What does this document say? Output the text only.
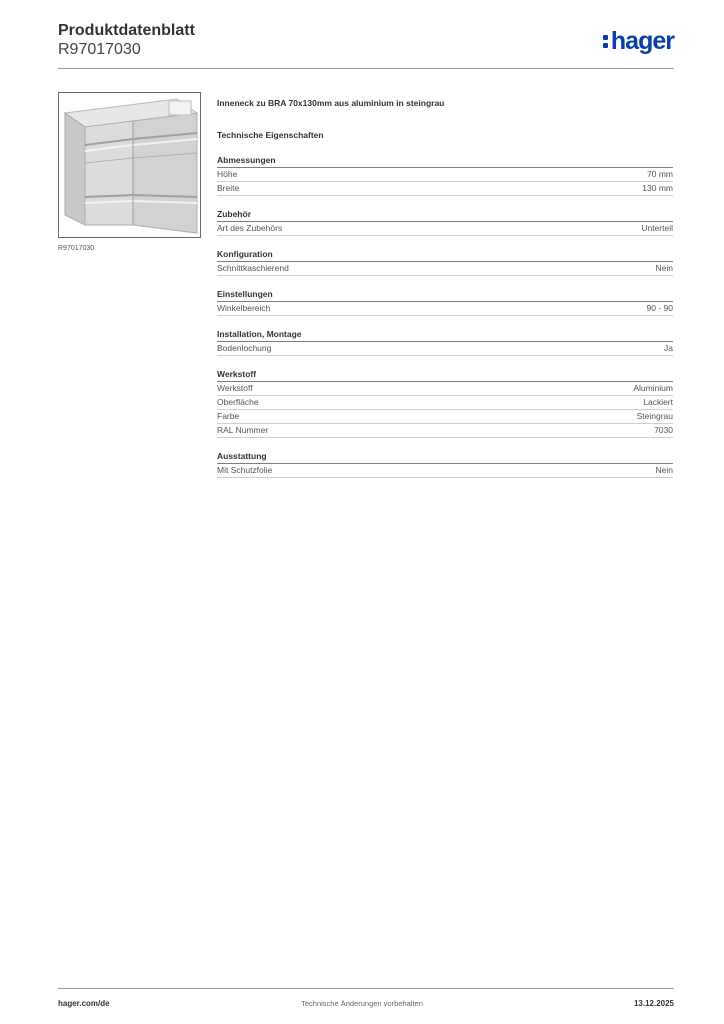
Produktdatenblatt
R97017030	hager
R97017030
Inneneck zu BRA 70x130mm aus aluminium in steingrau
Technische Eigenschaften
Abmessungen
Höhe	70 mm
Breite	130 mm
Zubehör
Art des Zubehörs	Unterteil
Konfiguration
Schnittkaschierend	Nein
Einstellungen
Winkelbereich	90 - 90
Installation, Montage
Bodenlochung	Ja
Werkstoff
Werkstoff	Aluminium
Oberfläche	Lackiert
Farbe	Steingrau
RAL Nummer	7030
Ausstattung
Mit Schutzfolie	Nein
hager.com/de	Technische Änderungen vorbehalten	13.12.2025
